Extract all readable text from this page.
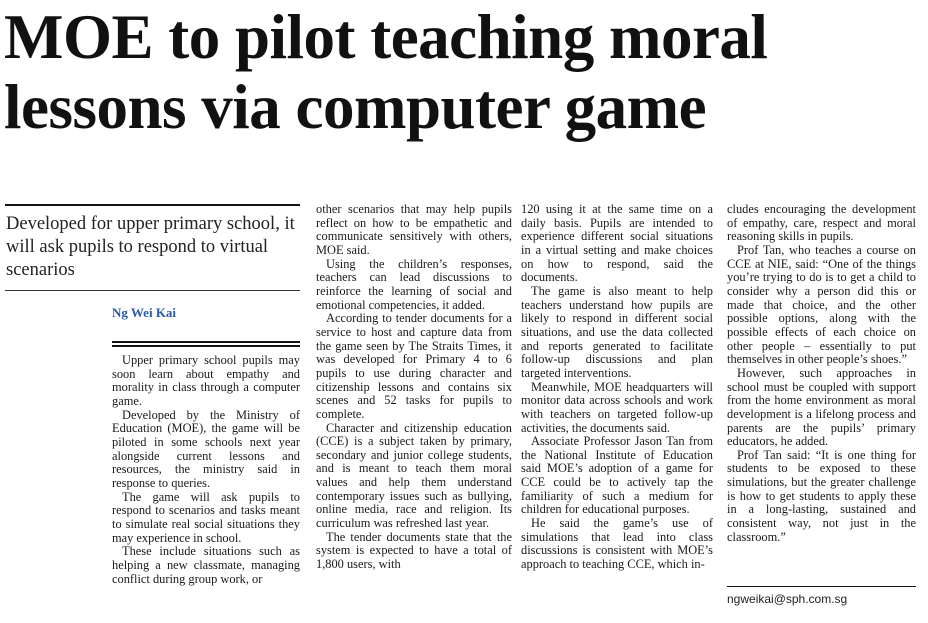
MOE to pilot teaching moral lessons via computer game

Developed for upper primary school, it will ask pupils to respond to virtual scenarios

Ng Wei Kai

Upper primary school pupils may soon learn about empathy and morality in class through a computer game.

Developed by the Ministry of Education (MOE), the game will be piloted in some schools next year alongside current lessons and resources, the ministry said in response to queries.

The game will ask pupils to respond to scenarios and tasks meant to simulate real social situations they may experience in school.

These include situations such as helping a new classmate, managing conflict during group work, or

other scenarios that may help pupils reflect on how to be empathetic and communicate sensitively with others, MOE said.

Using the children’s responses, teachers can lead discussions to reinforce the learning of social and emotional competencies, it added.

According to tender documents for a service to host and capture data from the game seen by The Straits Times, it was developed for Primary 4 to 6 pupils to use during character and citizenship lessons and contains six scenes and 52 tasks for pupils to complete.

Character and citizenship education (CCE) is a subject taken by primary, secondary and junior college students, and is meant to teach them moral values and help them understand contemporary issues such as bullying, online media, race and religion. Its curriculum was refreshed last year.

The tender documents state that the system is expected to have a total of 1,800 users, with

120 using it at the same time on a daily basis. Pupils are intended to experience different social situations in a virtual setting and make choices on how to respond, said the documents.

The game is also meant to help teachers understand how pupils are likely to respond in different social situations, and use the data collected and reports generated to facilitate follow-up discussions and plan targeted interventions.

Meanwhile, MOE headquarters will monitor data across schools and work with teachers on targeted follow-up activities, the documents said.

Associate Professor Jason Tan from the National Institute of Education said MOE’s adoption of a game for CCE could be to actively tap the familiarity of such a medium for children for educational purposes.

He said the game’s use of simulations that lead into class discussions is consistent with MOE’s approach to teaching CCE, which in-

cludes encouraging the development of empathy, care, respect and moral reasoning skills in pupils.

Prof Tan, who teaches a course on CCE at NIE, said: “One of the things you’re trying to do is to get a child to consider why a person did this or made that choice, and the other possible options, along with the possible effects of each choice on other people – essentially to put themselves in other people’s shoes.”

However, such approaches in school must be coupled with support from the home environment as moral development is a lifelong process and parents are the pupils’ primary educators, he added.

Prof Tan said: “It is one thing for students to be exposed to these simulations, but the greater challenge is how to get students to apply these in a long-lasting, sustained and consistent way, not just in the classroom.”

ngweikai@sph.com.sg
